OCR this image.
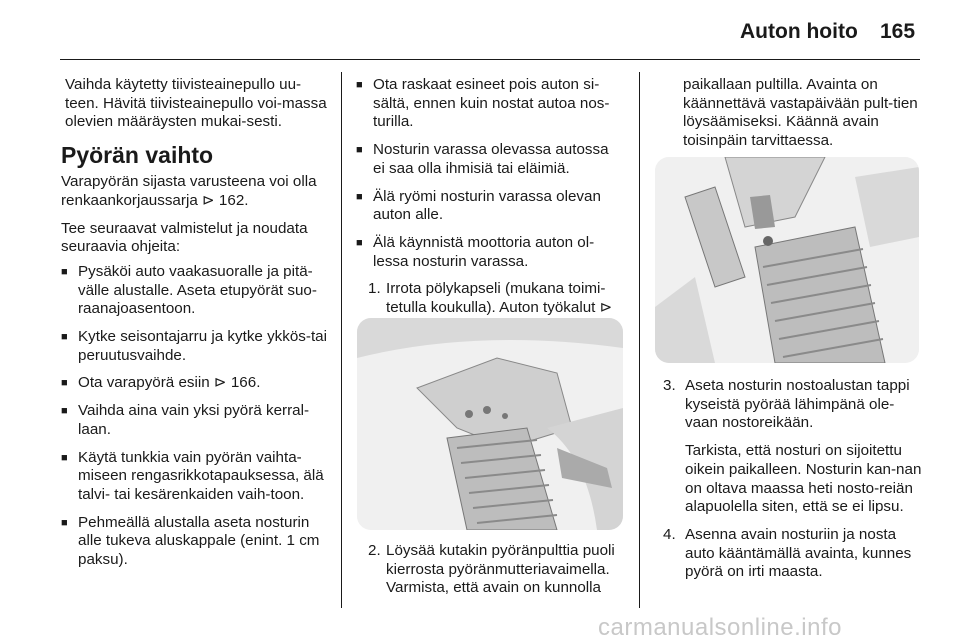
Auton hoito 165

Vaihda käytetty tiivisteainepullo uu-teen. Hävitä tiivisteainepullo voi-massa olevien määräysten mukai-sesti.

Pyörän vaihto

Varapyörän sijasta varusteena voi olla renkaankorjaussarja ⊳ 162.

Tee seuraavat valmistelut ja noudata seuraavia ohjeita:

■ Pysäköi auto vaakasuoralle ja pitä-välle alustalle. Aseta etupyörät suo-raanajoasentoon.
■ Kytke seisontajarru ja kytke ykkös-tai peruutusvaihde.
■ Ota varapyörä esiin ⊳ 166.
■ Vaihda aina vain yksi pyörä kerral-laan.
■ Käytä tunkkia vain pyörän vaihta-miseen rengasrikkotapauksessa, älä talvi- tai kesärenkaiden vaih-toon.
■ Pehmeällä alustalla aseta nosturin alle tukeva aluskappale (enint. 1 cm paksu).
■ Ota raskaat esineet pois auton si-sältä, ennen kuin nostat autoa nos-turilla.
■ Nosturin varassa olevassa autossa ei saa olla ihmisiä tai eläimiä.
■ Älä ryömi nosturin varassa olevan auton alle.
■ Älä käynnistä moottoria auton ol-lessa nosturin varassa.
1. Irrota pölykapseli (mukana toimi-tetulla koukulla). Auton työkalut ⊳
2. Löysää kutakin pyöränpulttia puoli kierrosta pyöränmutteriavaimella. Varmista, että avain on kunnolla

paikallaan pultilla. Avainta on käännettävä vastapäivään pult-tien löysäämiseksi. Käännä avain toisinpäin tarvittaessa.

3. Aseta nosturin nostoalustan tappi kyseistä pyörää lähimpänä ole-vaan nostoreikään.

Tarkista, että nosturi on sijoitettu oikein paikalleen. Nosturin kan-nan on oltava maassa heti nosto-reiän alapuolella siten, että se ei lipsu.

4. Asenna avain nosturiin ja nosta auto kääntämällä avainta, kunnes pyörä on irti maasta.
carmanualsonline.info
